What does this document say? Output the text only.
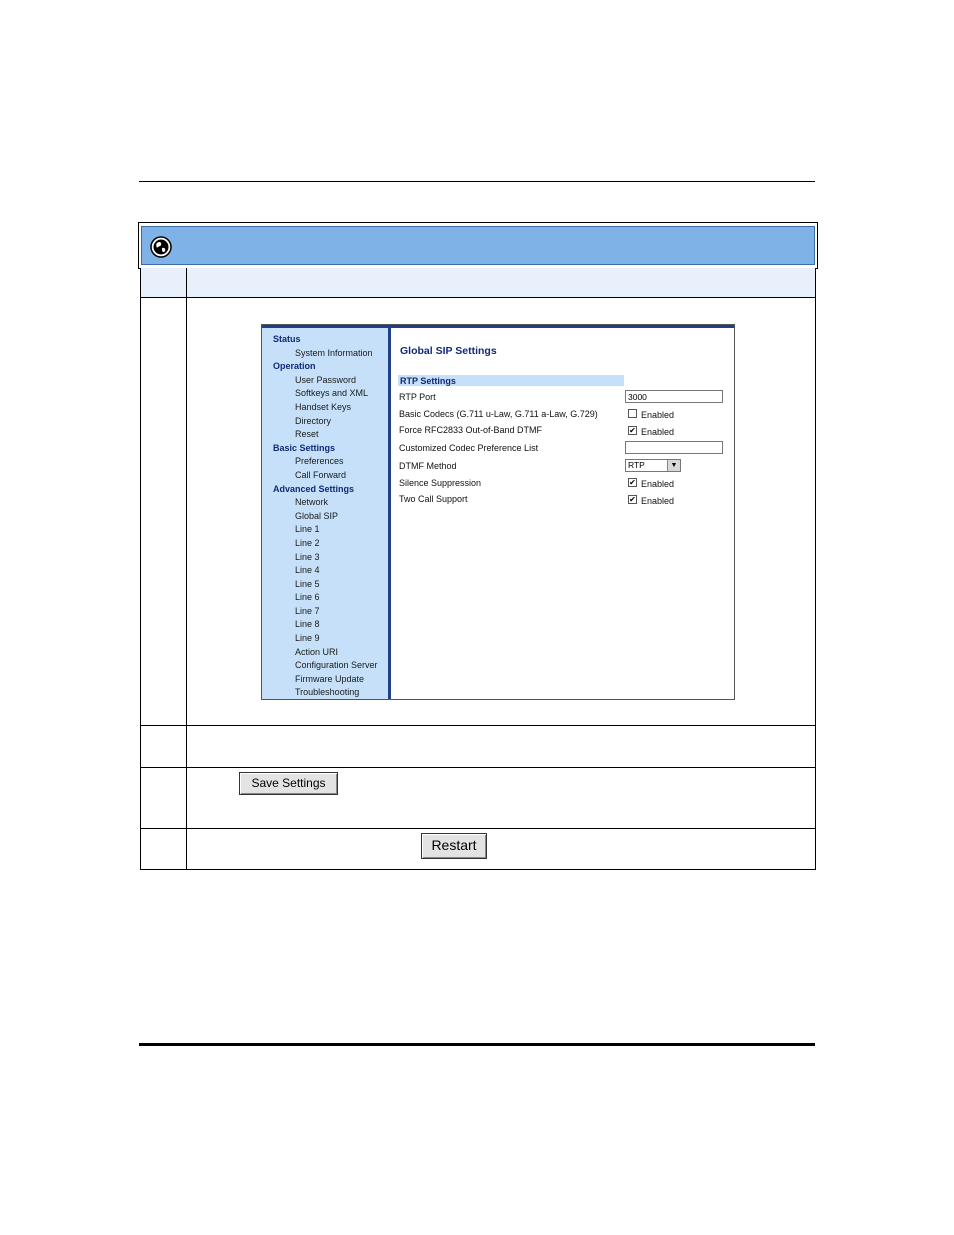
Status
System Information
Operation
User Password
Softkeys and XML
Handset Keys
Directory
Reset
Basic Settings
Preferences
Call Forward
Advanced Settings
Network
Global SIP
Line 1
Line 2
Line 3
Line 4
Line 5
Line 6
Line 7
Line 8
Line 9
Action URI
Configuration Server
Firmware Update
Troubleshooting
Global SIP Settings
RTP Settings
RTP Port	3000
Basic Codecs (G.711 u-Law, G.711 a-Law, G.729)	Enabled
Force RFC2833 Out-of-Band DTMF	✔ Enabled
Customized Codec Preference List
DTMF Method	RTP	▼
Silence Suppression	✔ Enabled
Two Call Support	✔ Enabled
Save Settings
Restart
